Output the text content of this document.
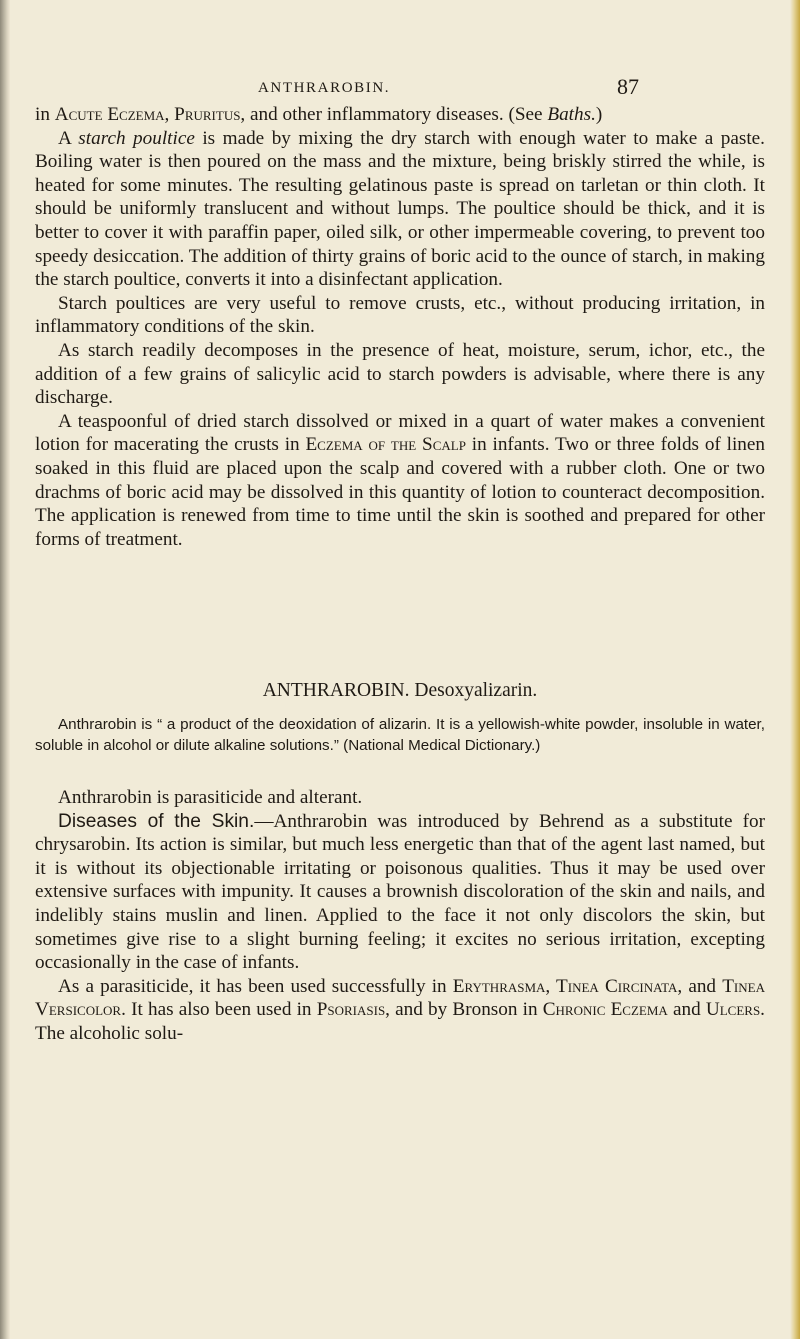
ANTHRAROBIN.	87

in Acute Eczema, Pruritus, and other inflammatory diseases. (See Baths.)

A starch poultice is made by mixing the dry starch with enough water to make a paste. Boiling water is then poured on the mass and the mixture, being briskly stirred the while, is heated for some minutes. The resulting gelatinous paste is spread on tarletan or thin cloth. It should be uniformly translucent and without lumps. The poultice should be thick, and it is better to cover it with paraffin paper, oiled silk, or other impermeable covering, to prevent too speedy desiccation. The addition of thirty grains of boric acid to the ounce of starch, in making the starch poultice, converts it into a disinfectant application.

Starch poultices are very useful to remove crusts, etc., without producing irritation, in inflammatory conditions of the skin.

As starch readily decomposes in the presence of heat, moisture, serum, ichor, etc., the addition of a few grains of salicylic acid to starch powders is advisable, where there is any discharge.

A teaspoonful of dried starch dissolved or mixed in a quart of water makes a convenient lotion for macerating the crusts in Eczema of the Scalp in infants. Two or three folds of linen soaked in this fluid are placed upon the scalp and covered with a rubber cloth. One or two drachms of boric acid may be dissolved in this quantity of lotion to counteract decomposition. The application is renewed from time to time until the skin is soothed and prepared for other forms of treatment.

ANTHRAROBIN. Desoxyalizarin.

Anthrarobin is “ a product of the deoxidation of alizarin. It is a yellowish-white powder, insoluble in water, soluble in alcohol or dilute alkaline solutions.” (National Medical Dictionary.)

Anthrarobin is parasiticide and alterant.

Diseases of the Skin.—Anthrarobin was introduced by Behrend as a substitute for chrysarobin. Its action is similar, but much less energetic than that of the agent last named, but it is without its objectionable irritating or poisonous qualities. Thus it may be used over extensive surfaces with impunity. It causes a brownish discoloration of the skin and nails, and indelibly stains muslin and linen. Applied to the face it not only discolors the skin, but sometimes give rise to a slight burning feeling; it excites no serious irritation, excepting occasionally in the case of infants.

As a parasiticide, it has been used successfully in Erythrasma, Tinea Circinata, and Tinea Versicolor. It has also been used in Psoriasis, and by Bronson in Chronic Eczema and Ulcers. The alcoholic solu-
